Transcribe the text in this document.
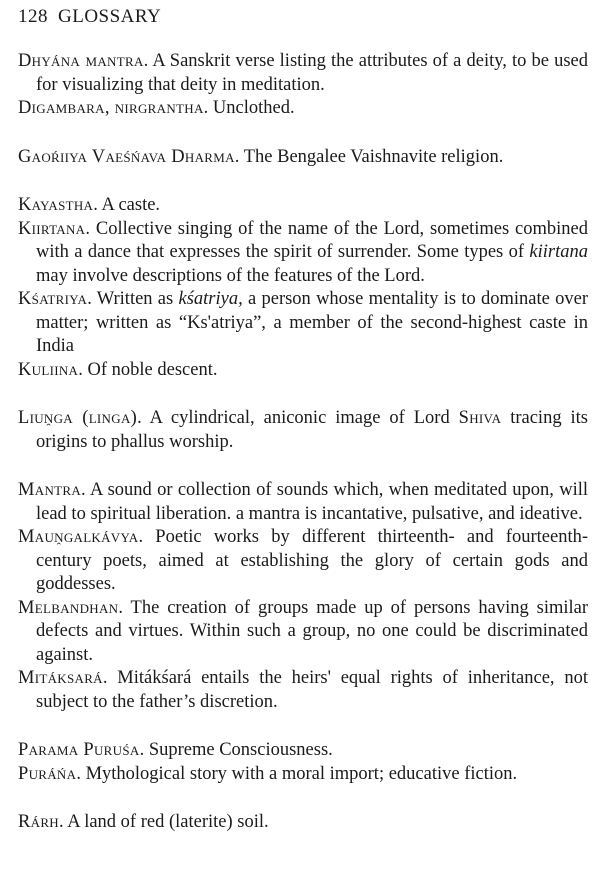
128 GLOSSARY

Dhyána mantra. A Sanskrit verse listing the attributes of a deity, to be used for visualizing that deity in meditation.

Digambara, nirgrantha. Unclothed.

Gaoŕiiya Vaeśńava Dharma. The Bengalee Vaishnavite religion.

Kayastha. A caste.

Kiirtana. Collective singing of the name of the Lord, sometimes combined with a dance that expresses the spirit of surrender. Some types of kiirtana may involve descriptions of the features of the Lord.

Kśatriya. Written as kśatriya, a person whose mentality is to dominate over matter; written as “Ks'atriya”, a member of the second-highest caste in India

Kuliina. Of noble descent.

Liuṋga (linga). A cylindrical, aniconic image of Lord Shiva tracing its origins to phallus worship.

Mantra. A sound or collection of sounds which, when meditated upon, will lead to spiritual liberation. a mantra is incantative, pulsative, and ideative.

Mauṋgalkávya. Poetic works by different thirteenth- and fourteenth-century poets, aimed at establishing the glory of certain gods and goddesses.

Melbandhan. The creation of groups made up of persons having similar defects and virtues. Within such a group, no one could be discriminated against.

Mitáksará. Mitákśará entails the heirs' equal rights of inheritance, not subject to the father’s discretion.

Parama Puruśa. Supreme Consciousness.

Puráńa. Mythological story with a moral import; educative fiction.

Rárh. A land of red (laterite) soil.
